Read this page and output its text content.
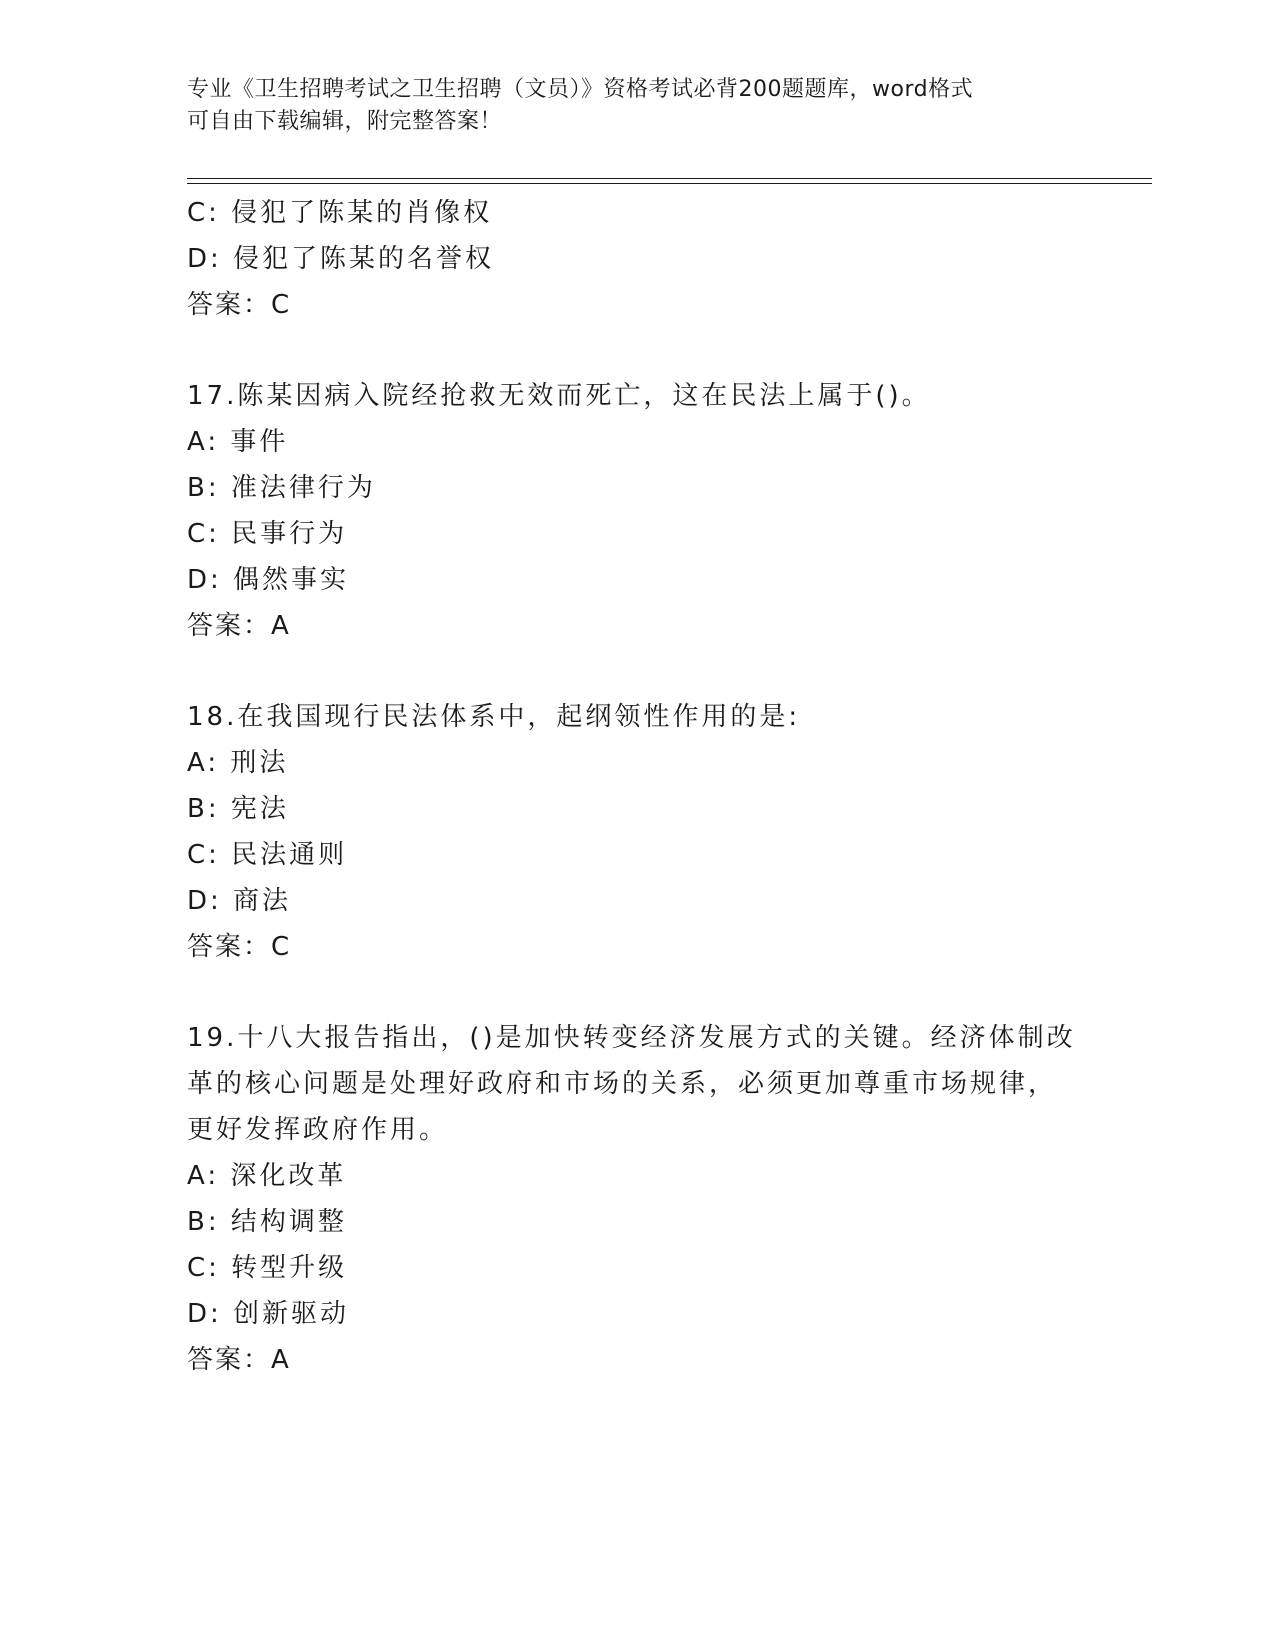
专业《卫生招聘考试之卫生招聘（文员）》资格考试必背200题题库，word格式
可自由下载编辑，附完整答案！
C: 侵犯了陈某的肖像权
D: 侵犯了陈某的名誉权
答案：C
17.陈某因病入院经抢救无效而死亡，这在民法上属于()。
A: 事件
B: 准法律行为
C: 民事行为
D: 偶然事实
答案：A
18.在我国现行民法体系中，起纲领性作用的是:
A: 刑法
B: 宪法
C: 民法通则
D: 商法
答案：C
19.十八大报告指出，()是加快转变经济发展方式的关键。经济体制改
革的核心问题是处理好政府和市场的关系，必须更加尊重市场规律，
更好发挥政府作用。
A: 深化改革
B: 结构调整
C: 转型升级
D: 创新驱动
答案：A
